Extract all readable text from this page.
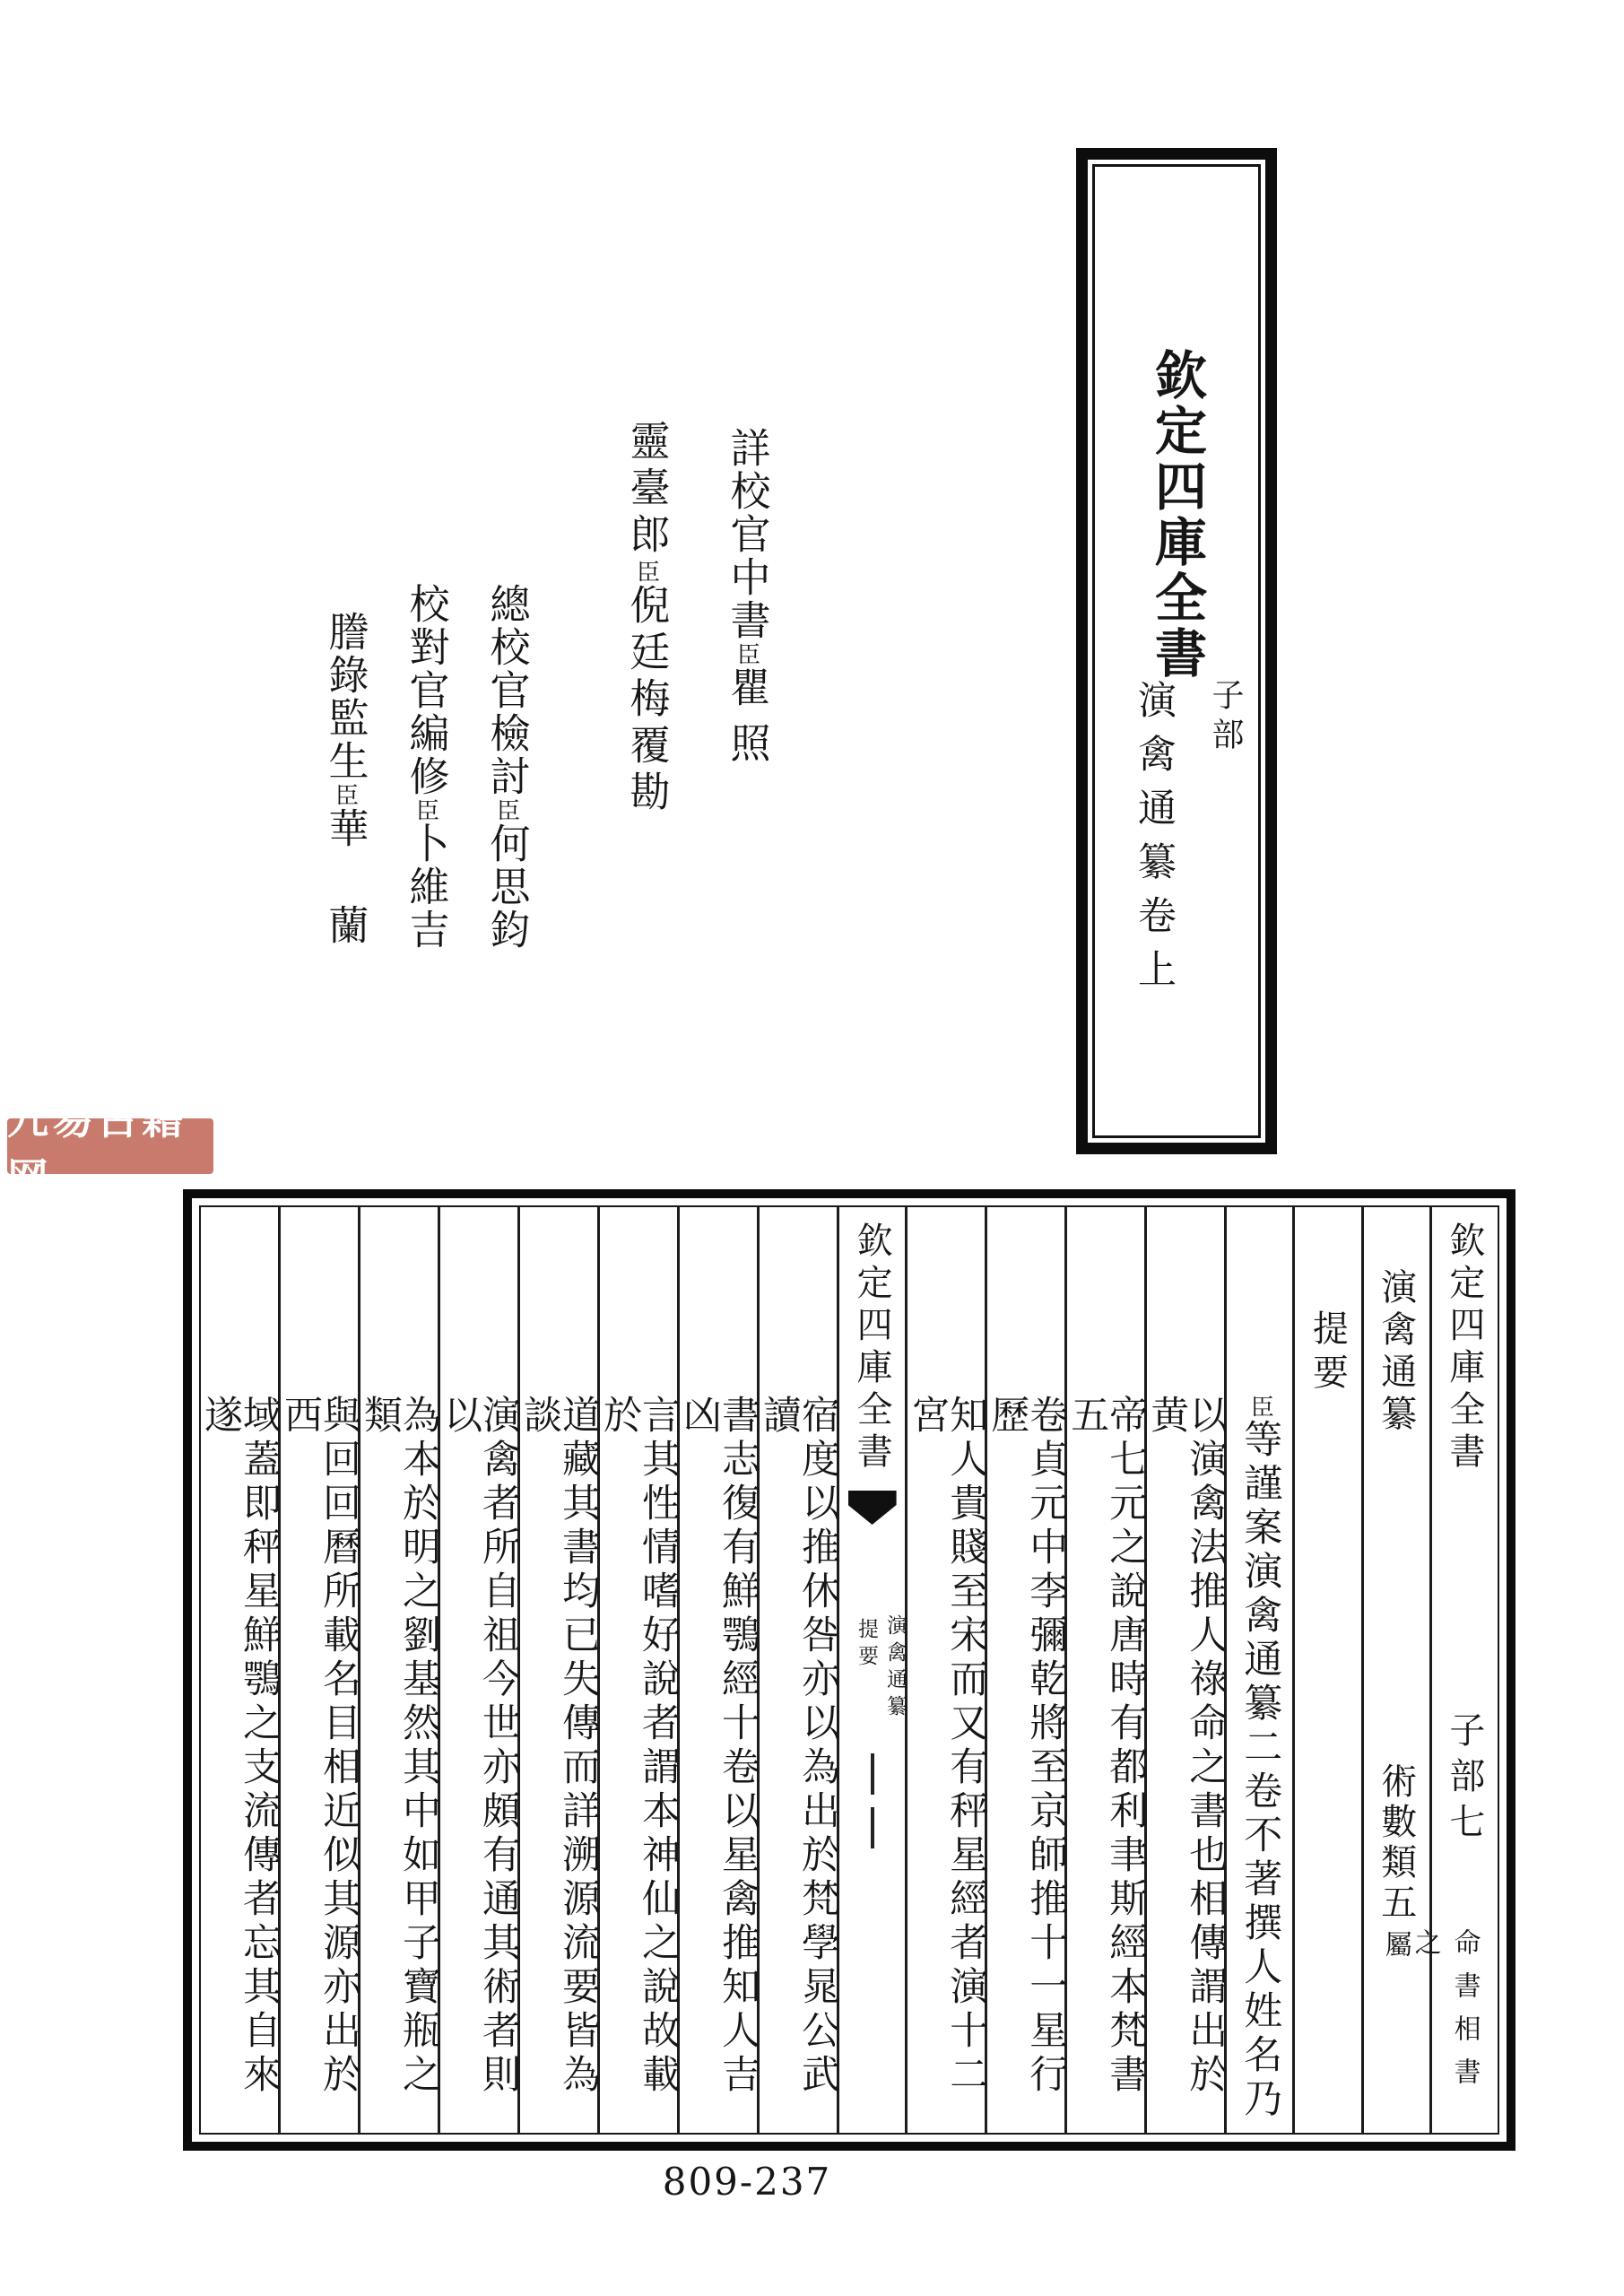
欽定四庫全書
子部
演禽通纂卷上
詳校官中書臣瞿照
靈臺郎臣倪廷梅覆勘
總校官檢討臣何思鈞
校對官編修臣卜維吉
謄錄監生臣華蘭
九易古籍网
欽定四庫全書
子部七
演禽通纂
術數類五
命書相書之
屬
提要
臣等謹案演禽通纂二卷不著撰人姓名乃
以演禽法推人祿命之書也相傳謂出於黄
帝七元之說唐時有都利聿斯經本梵書五
卷貞元中李彌乾將至京師推十一星行歷
知人貴賤至宋而又有秤星經者演十二宮
欽定四庫全書
演禽通纂
提要
宿度以推休咎亦以為出於梵學晁公武讀
書志復有鮮鶚經十卷以星禽推知人吉凶
言其性情嗜好說者謂本神仙之說故載於
道藏其書均已失傳而詳溯源流要皆為談
演禽者所自祖今世亦頗有通其術者則以
為本於明之劉基然其中如甲子寶瓶之類
與回回曆所載名目相近似其源亦出於西
域蓋即秤星鮮鶚之支流傳者忘其自來遂
809-237
